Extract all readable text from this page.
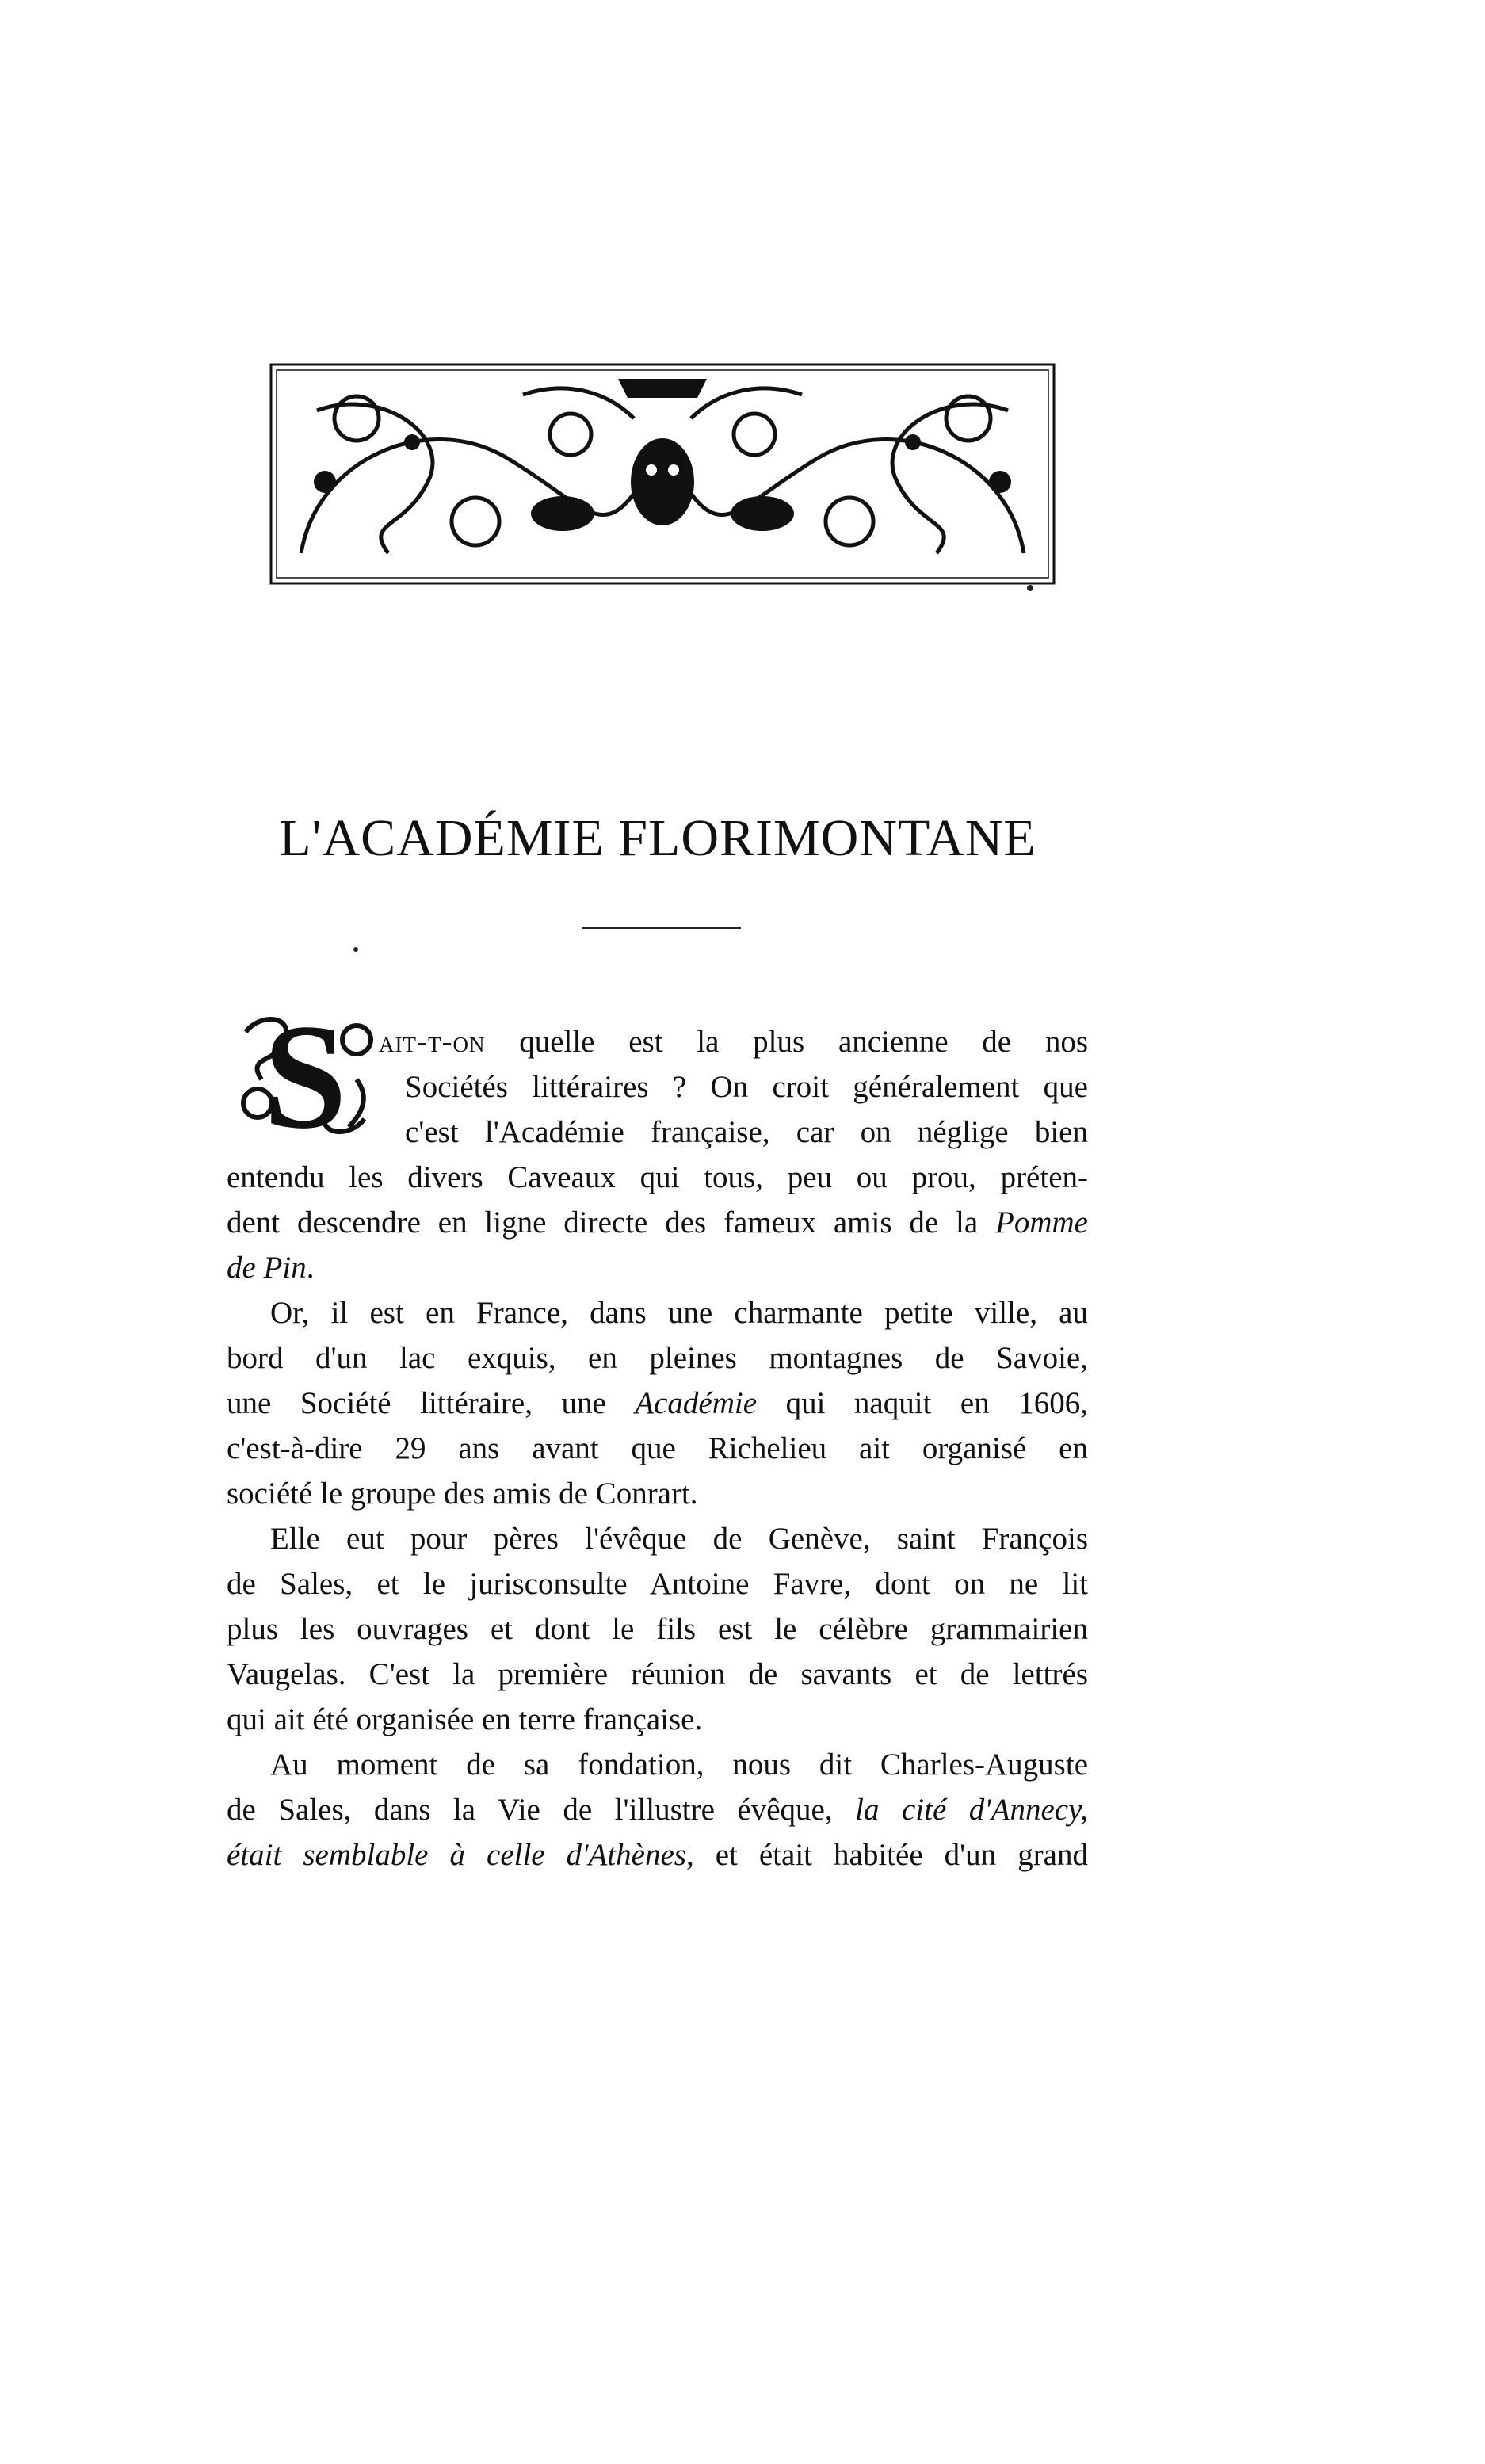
L'ACADÉMIE FLORIMONTANE
S	ait-t-on quelle est la plus ancienne de nos
Sociétés littéraires ? On croit généralement que
c'est l'Académie française, car on néglige bien
entendu les divers Caveaux qui tous, peu ou prou, préten-
dent descendre en ligne directe des fameux amis de la Pomme
de Pin.
Or, il est en France, dans une charmante petite ville, au
bord d'un lac exquis, en pleines montagnes de Savoie,
une Société littéraire, une Académie qui naquit en 1606,
c'est-à-dire 29 ans avant que Richelieu ait organisé en
société le groupe des amis de Conrart.
Elle eut pour pères l'évêque de Genève, saint François
de Sales, et le jurisconsulte Antoine Favre, dont on ne lit
plus les ouvrages et dont le fils est le célèbre grammairien
Vaugelas. C'est la première réunion de savants et de lettrés
qui ait été organisée en terre française.
Au moment de sa fondation, nous dit Charles-Auguste
de Sales, dans la Vie de l'illustre évêque, la cité d'Annecy,
était semblable à celle d'Athènes, et était habitée d'un grand
